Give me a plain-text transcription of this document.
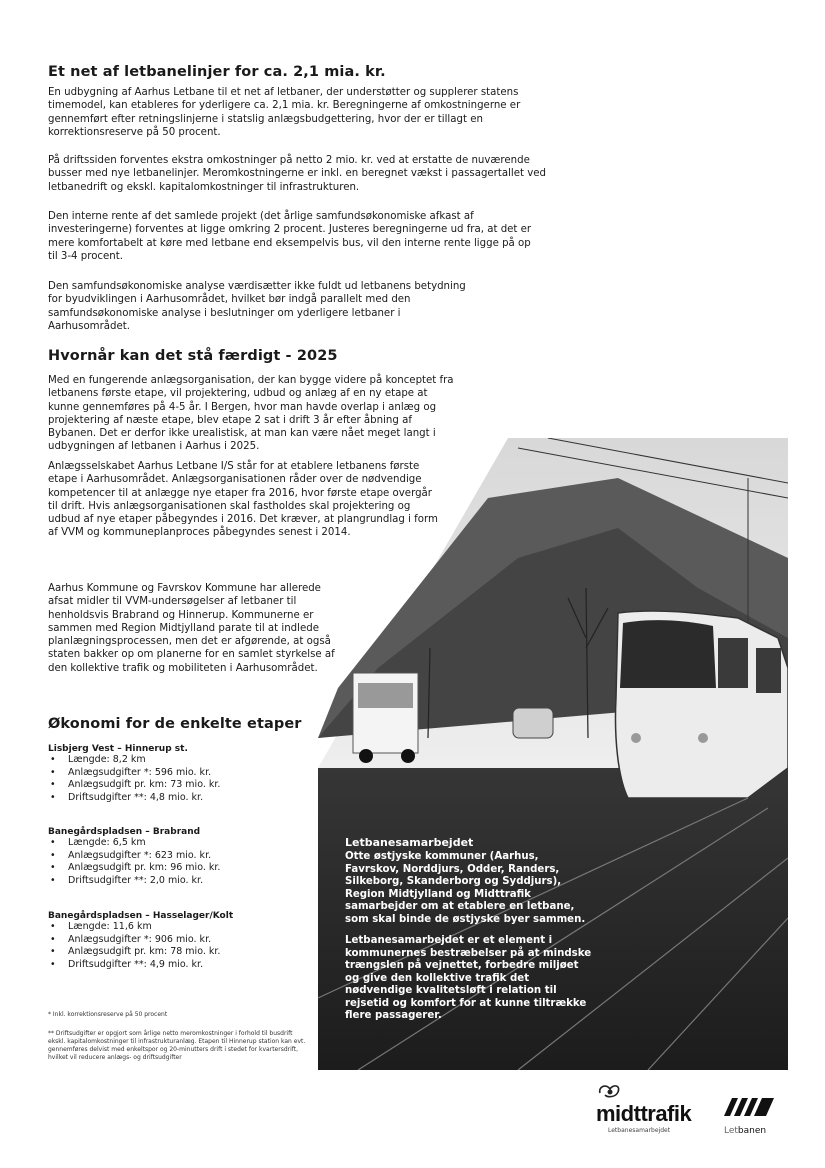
Et net af letbanelinjer for ca. 2,1 mia. kr.

En udbygning af Aarhus Letbane til et net af letbaner, der understøtter og supplerer statens timemodel, kan etableres for yderligere ca. 2,1 mia. kr. Beregningerne af omkostningerne er gennemført efter retningslinjerne i statslig anlægsbudgettering, hvor der er tillagt en korrektionsreserve på 50 procent.

På driftssiden forventes ekstra omkostninger på netto 2 mio. kr. ved at erstatte de nuværende busser med nye letbanelinjer. Meromkostningerne er inkl. en beregnet vækst i passagertallet ved letbanedrift og ekskl. kapitalomkostninger til infrastrukturen.

Den interne rente af det samlede projekt (det årlige samfundsøkonomiske afkast af investeringerne) forventes at ligge omkring 2 procent. Justeres beregningerne ud fra, at det er mere komfortabelt at køre med letbane end eksempelvis bus, vil den interne rente ligge på op til 3-4 procent.

Den samfundsøkonomiske analyse værdisætter ikke fuldt ud letbanens betydning for byudviklingen i Aarhusområdet, hvilket bør indgå parallelt med den samfundsøkonomiske analyse i beslutninger om yderligere letbaner i Aarhusområdet.

Hvornår kan det stå færdigt - 2025

Med en fungerende anlægsorganisation, der kan bygge videre på konceptet fra letbanens første etape, vil projektering, udbud og anlæg af en ny etape at kunne gennemføres på 4-5 år. I Bergen, hvor man havde overlap i anlæg og projektering af næste etape, blev etape 2 sat i drift 3 år efter åbning af Bybanen. Det er derfor ikke urealistisk, at man kan være nået meget langt i udbygningen af letbanen i Aarhus i 2025.

Anlægsselskabet Aarhus Letbane I/S står for at etablere letbanens første etape i Aarhusområdet. Anlægsorganisationen råder over de nødvendige kompetencer til at anlægge nye etaper fra 2016, hvor første etape overgår til drift. Hvis anlægsorganisationen skal fastholdes skal projektering og udbud af nye etaper påbegyndes i 2016. Det kræver, at plangrundlag i form af VVM og kommuneplanproces påbegyndes senest i 2014.

Aarhus Kommune og Favrskov Kommune har allerede afsat midler til VVM-undersøgelser af letbaner til henholdsvis Brabrand og Hinnerup. Kommunerne er sammen med Region Midtjylland parate til at indlede planlægningsprocessen, men det er afgørende, at også staten bakker op om planerne for en samlet styrkelse af den kollektive trafik og mobiliteten i Aarhusområdet.

Letbanesamarbejdet

Otte østjyske kommuner (Aarhus, Favrskov, Norddjurs, Odder, Randers, Silkeborg, Skanderborg og Syddjurs), Region Midtjylland og Midttrafik samarbejder om at etablere en letbane, som skal binde de østjyske byer sammen.

Letbanesamarbejdet er et element i kommunernes bestræbelser på at mindske trængslen på vejnettet, forbedre miljøet og give den kollektive trafik det nødvendige kvalitetsløft i relation til rejsetid og komfort for at kunne tiltrække flere passagerer.

Økonomi for de enkelte etaper

Lisbjerg Vest – Hinnerup st.

• Længde: 8,2 km
• Anlægsudgifter *: 596 mio. kr.
• Anlægsudgift pr. km: 73 mio. kr.
• Driftsudgifter **: 4,8 mio. kr.

Banegårdspladsen – Brabrand

• Længde: 6,5 km
• Anlægsudgifter *: 623 mio. kr.
• Anlægsudgift pr. km: 96 mio. kr.
• Driftsudgifter **: 2,0 mio. kr.

Banegårdspladsen – Hasselager/Kolt

• Længde: 11,6 km
• Anlægsudgifter *: 906 mio. kr.
• Anlægsudgift pr. km: 78 mio. kr.
• Driftsudgifter **: 4,9 mio. kr.

* Inkl. korrektionsreserve på 50 procent

** Driftsudgifter er opgjort som årlige netto meromkostninger i forhold til busdrift ekskl. kapitalomkostninger til infrastrukturanlæg. Etapen til Hinnerup station kan evt. gennemføres delvist med enkeltspor og 20-minutters drift i stedet for kvartersdrift, hvilket vil reducere anlægs- og driftsudgifter

midttrafik
Letbanesamarbejdet	Letbanen
